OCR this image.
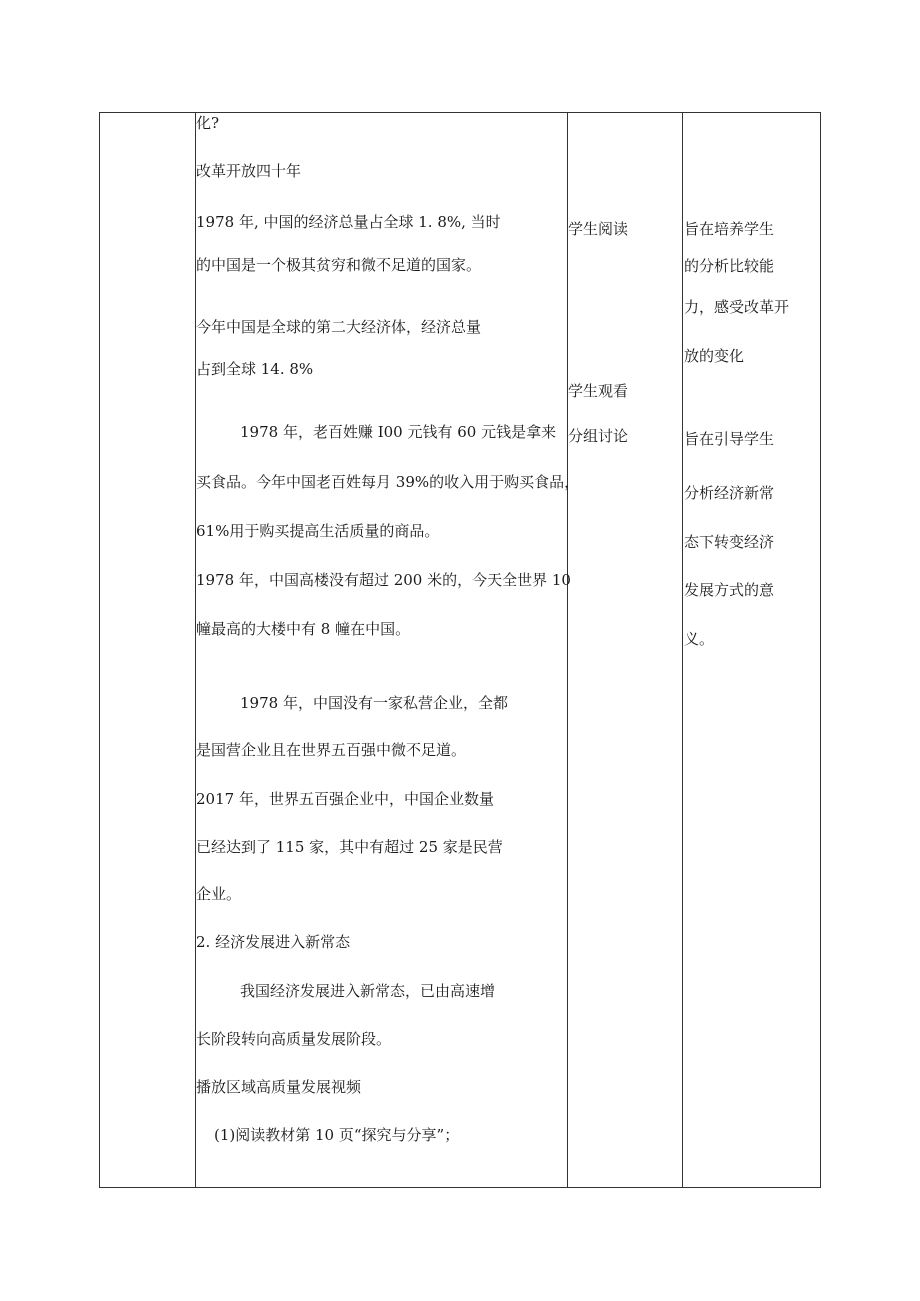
化?
改革开放四十年
1978 年, 中国的经济总量占全球 1. 8%, 当时
的中国是一个极其贫穷和微不足道的国家。
今年中国是全球的第二大经济体，经济总量
占到全球 14. 8%
1978 年，老百姓赚 I00 元钱有 60 元钱是拿来
买食品。今年中国老百姓每月 39%的收入用于购买食品，
61%用于购买提高生活质量的商品。
1978 年，中国高楼没有超过 200 米的，今天全世界 10
幢最高的大楼中有 8 幢在中国。
1978 年，中国没有一家私营企业，全都
是国营企业且在世界五百强中微不足道。
2017 年，世界五百强企业中，中国企业数量
已经达到了 115 家，其中有超过 25 家是民营
企业。
2. 经济发展进入新常态
我国经济发展进入新常态，已由高速增
长阶段转向高质量发展阶段。
播放区域高质量发展视频
(1)阅读教材第 10 页“探究与分享”；
学生阅读
学生观看
分组讨论
旨在培养学生
的分析比较能
力，感受改革开
放的变化
旨在引导学生
分析经济新常
态下转变经济
发展方式的意
义。
